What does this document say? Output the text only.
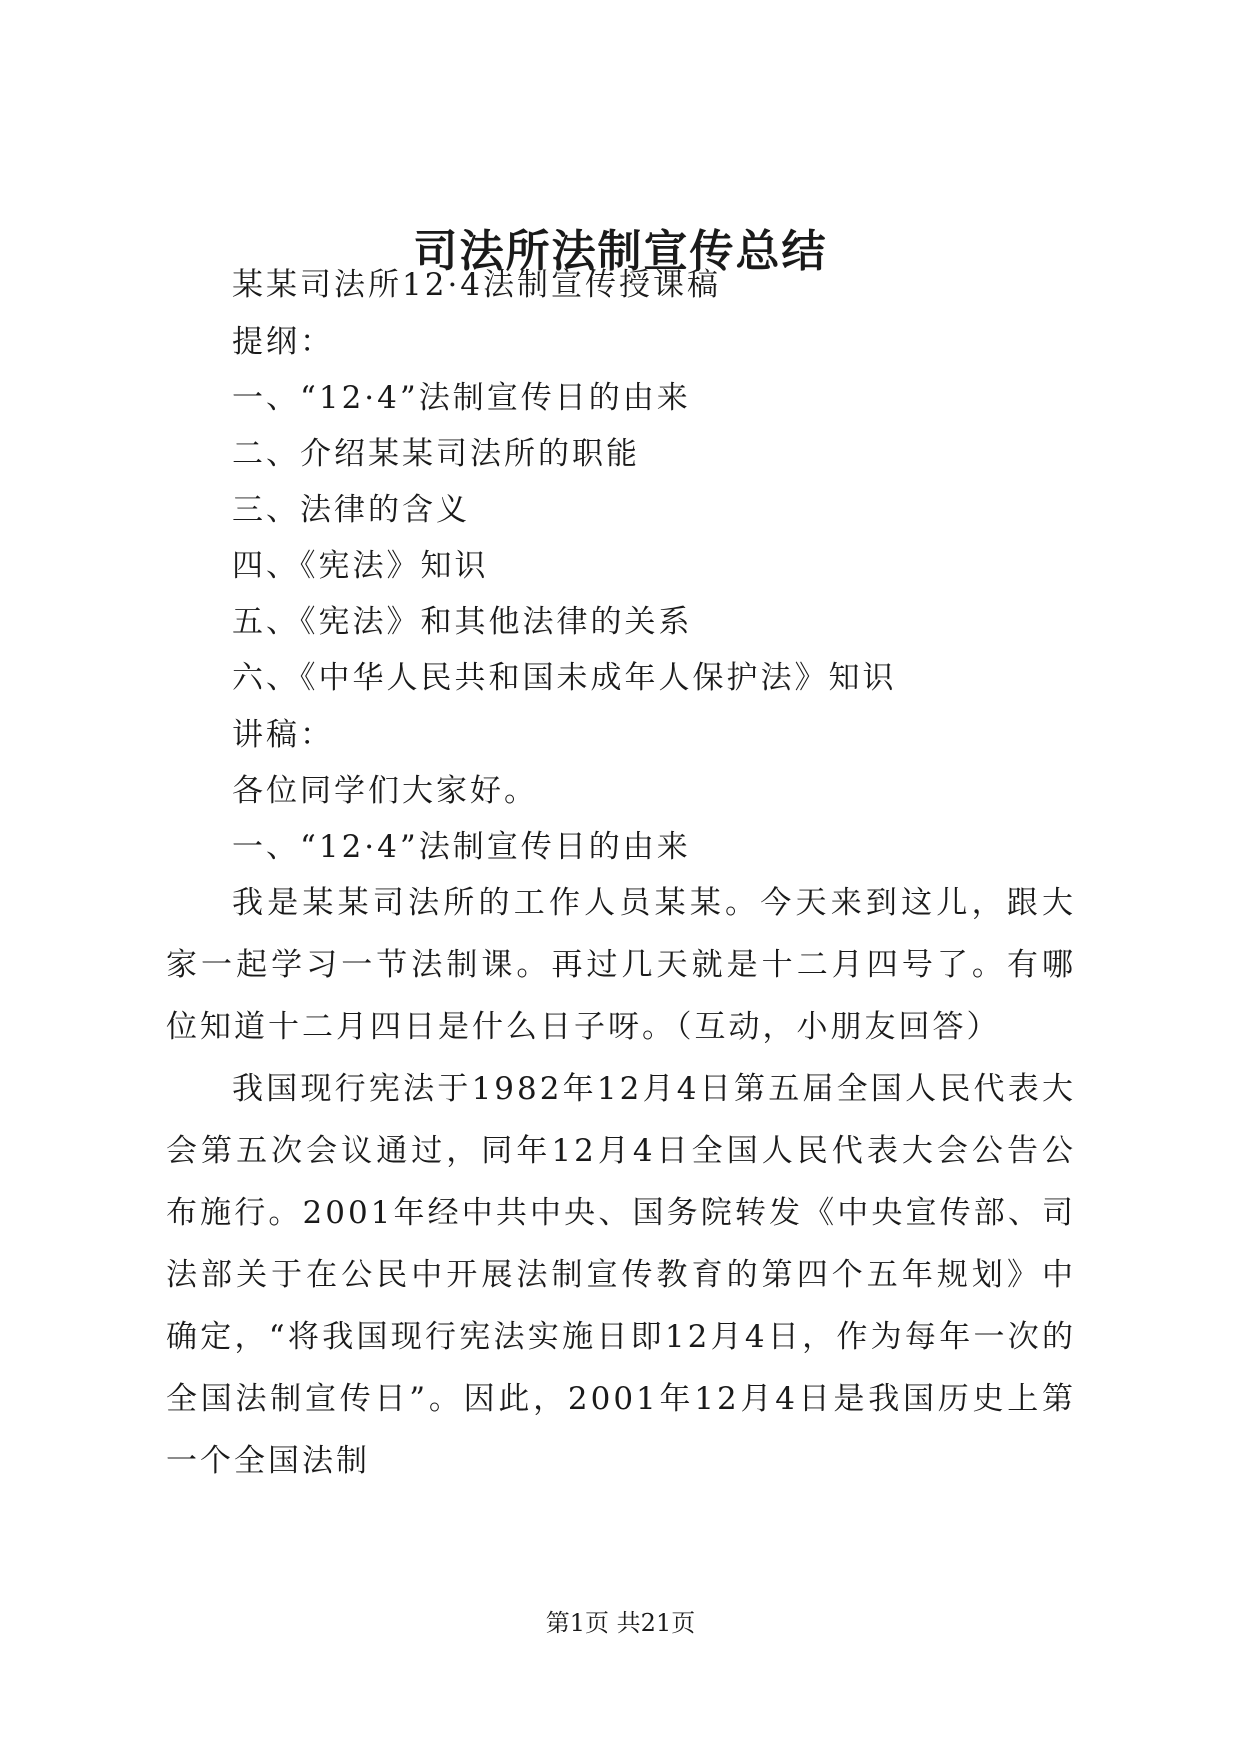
司法所法制宣传总结

某某司法所12·4法制宣传授课稿

提纲：

一、“12·4”法制宣传日的由来

二、介绍某某司法所的职能

三、法律的含义

四、《宪法》知识

五、《宪法》和其他法律的关系

六、《中华人民共和国未成年人保护法》知识

讲稿：

各位同学们大家好。

一、“12·4”法制宣传日的由来

我是某某司法所的工作人员某某。今天来到这儿，跟大家一起学习一节法制课。再过几天就是十二月四号了。有哪位知道十二月四日是什么日子呀。（互动，小朋友回答）

我国现行宪法于1982年12月4日第五届全国人民代表大会第五次会议通过，同年12月4日全国人民代表大会公告公布施行。2001年经中共中央、国务院转发《中央宣传部、司法部关于在公民中开展法制宣传教育的第四个五年规划》中确定，“将我国现行宪法实施日即12月4日，作为每年一次的全国法制宣传日”。因此，2001年12月4日是我国历史上第一个全国法制

第1页 共21页
